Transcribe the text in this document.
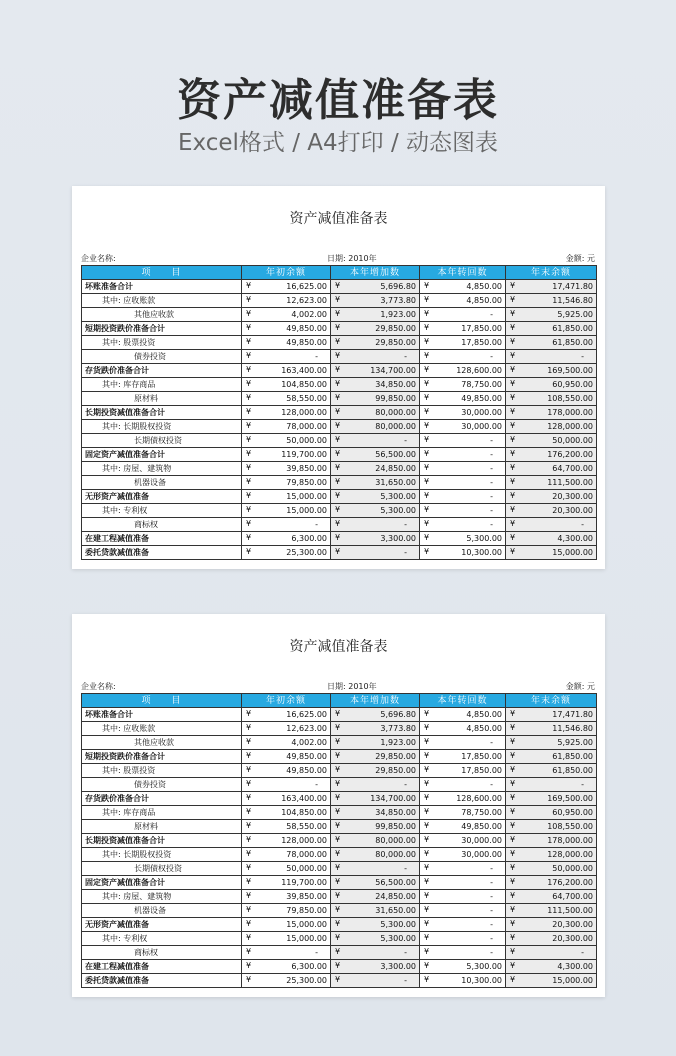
资产减值准备表
Excel格式 / A4打印 / 动态图表
资产减值准备表
企业名称:	日期: 2010年	金额: 元
项　　目	年初余额	本年增加数	本年转回数	年末余额
坏账准备合计	¥ 16,625.00	¥ 5,696.80	¥ 4,850.00	¥ 17,471.80
其中: 应收账款	¥ 12,623.00	¥ 3,773.80	¥ 4,850.00	¥ 11,546.80
其他应收款	¥ 4,002.00	¥ 1,923.00	¥ -	¥ 5,925.00
短期投资跌价准备合计	¥ 49,850.00	¥ 29,850.00	¥ 17,850.00	¥ 61,850.00
其中: 股票投资	¥ 49,850.00	¥ 29,850.00	¥ 17,850.00	¥ 61,850.00
债券投资	¥ -	¥ -	¥ -	¥ -
存货跌价准备合计	¥ 163,400.00	¥ 134,700.00	¥ 128,600.00	¥ 169,500.00
其中: 库存商品	¥ 104,850.00	¥ 34,850.00	¥ 78,750.00	¥ 60,950.00
原材料	¥ 58,550.00	¥ 99,850.00	¥ 49,850.00	¥ 108,550.00
长期投资减值准备合计	¥ 128,000.00	¥ 80,000.00	¥ 30,000.00	¥ 178,000.00
其中: 长期股权投资	¥ 78,000.00	¥ 80,000.00	¥ 30,000.00	¥ 128,000.00
长期债权投资	¥ 50,000.00	¥ -	¥ -	¥ 50,000.00
固定资产减值准备合计	¥ 119,700.00	¥ 56,500.00	¥ -	¥ 176,200.00
其中: 房屋、建筑物	¥ 39,850.00	¥ 24,850.00	¥ -	¥ 64,700.00
机器设备	¥ 79,850.00	¥ 31,650.00	¥ -	¥ 111,500.00
无形资产减值准备	¥ 15,000.00	¥ 5,300.00	¥ -	¥ 20,300.00
其中: 专利权	¥ 15,000.00	¥ 5,300.00	¥ -	¥ 20,300.00
商标权	¥ -	¥ -	¥ -	¥ -
在建工程减值准备	¥ 6,300.00	¥ 3,300.00	¥ 5,300.00	¥ 4,300.00
委托贷款减值准备	¥ 25,300.00	¥ -	¥ 10,300.00	¥ 15,000.00
资产减值准备表
企业名称:	日期: 2010年	金额: 元
项　　目	年初余额	本年增加数	本年转回数	年末余额
坏账准备合计	¥ 16,625.00	¥ 5,696.80	¥ 4,850.00	¥ 17,471.80
其中: 应收账款	¥ 12,623.00	¥ 3,773.80	¥ 4,850.00	¥ 11,546.80
其他应收款	¥ 4,002.00	¥ 1,923.00	¥ -	¥ 5,925.00
短期投资跌价准备合计	¥ 49,850.00	¥ 29,850.00	¥ 17,850.00	¥ 61,850.00
其中: 股票投资	¥ 49,850.00	¥ 29,850.00	¥ 17,850.00	¥ 61,850.00
债券投资	¥ -	¥ -	¥ -	¥ -
存货跌价准备合计	¥ 163,400.00	¥ 134,700.00	¥ 128,600.00	¥ 169,500.00
其中: 库存商品	¥ 104,850.00	¥ 34,850.00	¥ 78,750.00	¥ 60,950.00
原材料	¥ 58,550.00	¥ 99,850.00	¥ 49,850.00	¥ 108,550.00
长期投资减值准备合计	¥ 128,000.00	¥ 80,000.00	¥ 30,000.00	¥ 178,000.00
其中: 长期股权投资	¥ 78,000.00	¥ 80,000.00	¥ 30,000.00	¥ 128,000.00
长期债权投资	¥ 50,000.00	¥ -	¥ -	¥ 50,000.00
固定资产减值准备合计	¥ 119,700.00	¥ 56,500.00	¥ -	¥ 176,200.00
其中: 房屋、建筑物	¥ 39,850.00	¥ 24,850.00	¥ -	¥ 64,700.00
机器设备	¥ 79,850.00	¥ 31,650.00	¥ -	¥ 111,500.00
无形资产减值准备	¥ 15,000.00	¥ 5,300.00	¥ -	¥ 20,300.00
其中: 专利权	¥ 15,000.00	¥ 5,300.00	¥ -	¥ 20,300.00
商标权	¥ -	¥ -	¥ -	¥ -
在建工程减值准备	¥ 6,300.00	¥ 3,300.00	¥ 5,300.00	¥ 4,300.00
委托贷款减值准备	¥ 25,300.00	¥ -	¥ 10,300.00	¥ 15,000.00
